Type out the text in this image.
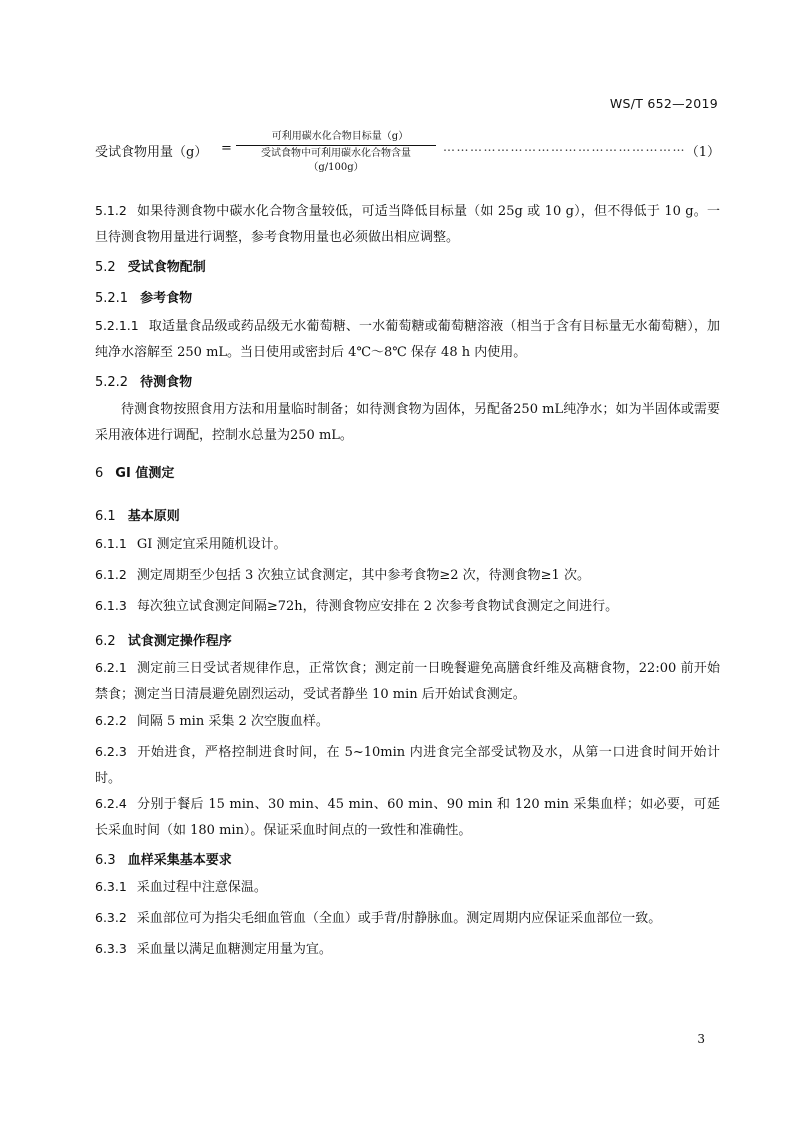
WS/T 652—2019
受试食物用量（g） =
可利用碳水化合物目标量（g）
受试食物中可利用碳水化合物含量（g/100g）
……………………………………………… （1）
5.1.2 如果待测食物中碳水化合物含量较低，可适当降低目标量（如 25g 或 10 g），但不得低于 10 g。一旦待测食物用量进行调整，参考食物用量也必须做出相应调整。
5.2 受试食物配制
5.2.1 参考食物
5.2.1.1 取适量食品级或药品级无水葡萄糖、一水葡萄糖或葡萄糖溶液（相当于含有目标量无水葡萄糖），加纯净水溶解至 250 mL。当日使用或密封后 4℃～8℃ 保存 48 h 内使用。
5.2.2 待测食物
待测食物按照食用方法和用量临时制备；如待测食物为固体，另配备250 mL纯净水；如为半固体或需要采用液体进行调配，控制水总量为250 mL。
6 GI 值测定
6.1 基本原则
6.1.1 GI 测定宜采用随机设计。
6.1.2 测定周期至少包括 3 次独立试食测定，其中参考食物≥2 次，待测食物≥1 次。
6.1.3 每次独立试食测定间隔≥72h，待测食物应安排在 2 次参考食物试食测定之间进行。
6.2 试食测定操作程序
6.2.1 测定前三日受试者规律作息，正常饮食；测定前一日晚餐避免高膳食纤维及高糖食物，22:00 前开始禁食；测定当日清晨避免剧烈运动，受试者静坐 10 min 后开始试食测定。
6.2.2 间隔 5 min 采集 2 次空腹血样。
6.2.3 开始进食，严格控制进食时间，在 5~10min 内进食完全部受试物及水，从第一口进食时间开始计时。
6.2.4 分别于餐后 15 min、30 min、45 min、60 min、90 min 和 120 min 采集血样；如必要，可延长采血时间（如 180 min）。保证采血时间点的一致性和准确性。
6.3 血样采集基本要求
6.3.1 采血过程中注意保温。
6.3.2 采血部位可为指尖毛细血管血（全血）或手背/肘静脉血。测定周期内应保证采血部位一致。
6.3.3 采血量以满足血糖测定用量为宜。
3
